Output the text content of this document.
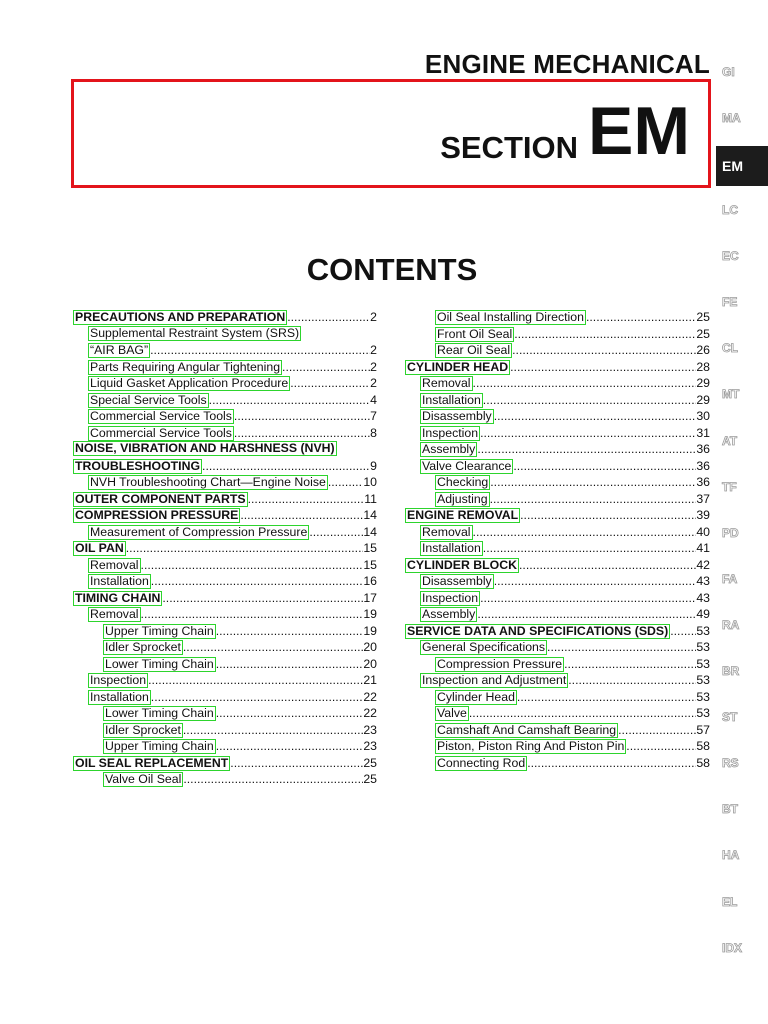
ENGINE MECHANICAL
SECTION EM
CONTENTS
PRECAUTIONS AND PREPARATION .....	2
Supplemental Restraint System (SRS)
“AIR BAG” .....	2
Parts Requiring Angular Tightening .....	2
Liquid Gasket Application Procedure .....	2
Special Service Tools .....	4
Commercial Service Tools .....	7
Commercial Service Tools .....	8
NOISE, VIBRATION AND HARSHNESS (NVH)
TROUBLESHOOTING .....	9
NVH Troubleshooting Chart—Engine Noise .....	10
OUTER COMPONENT PARTS .....	11
COMPRESSION PRESSURE .....	14
Measurement of Compression Pressure .....	14
OIL PAN .....	15
Removal .....	15
Installation .....	16
TIMING CHAIN .....	17
Removal .....	19
Upper Timing Chain .....	19
Idler Sprocket .....	20
Lower Timing Chain .....	20
Inspection .....	21
Installation .....	22
Lower Timing Chain .....	22
Idler Sprocket .....	23
Upper Timing Chain .....	23
OIL SEAL REPLACEMENT .....	25
Valve Oil Seal .....	25
Oil Seal Installing Direction .....	25
Front Oil Seal .....	25
Rear Oil Seal .....	26
CYLINDER HEAD .....	28
Removal .....	29
Installation .....	29
Disassembly .....	30
Inspection .....	31
Assembly .....	36
Valve Clearance .....	36
Checking .....	36
Adjusting .....	37
ENGINE REMOVAL .....	39
Removal .....	40
Installation .....	41
CYLINDER BLOCK .....	42
Disassembly .....	43
Inspection .....	43
Assembly .....	49
SERVICE DATA AND SPECIFICATIONS (SDS) ..... 53
General Specifications .....	53
Compression Pressure .....	53
Inspection and Adjustment .....	53
Cylinder Head .....	53
Valve .....	53
Camshaft And Camshaft Bearing .....	57
Piston, Piston Ring And Piston Pin .....	58
Connecting Rod .....	58
GI
MA
EM
LC
EC
FE
CL
MT
AT
TF
PD
FA
RA
BR
ST
RS
BT
HA
EL
IDX
